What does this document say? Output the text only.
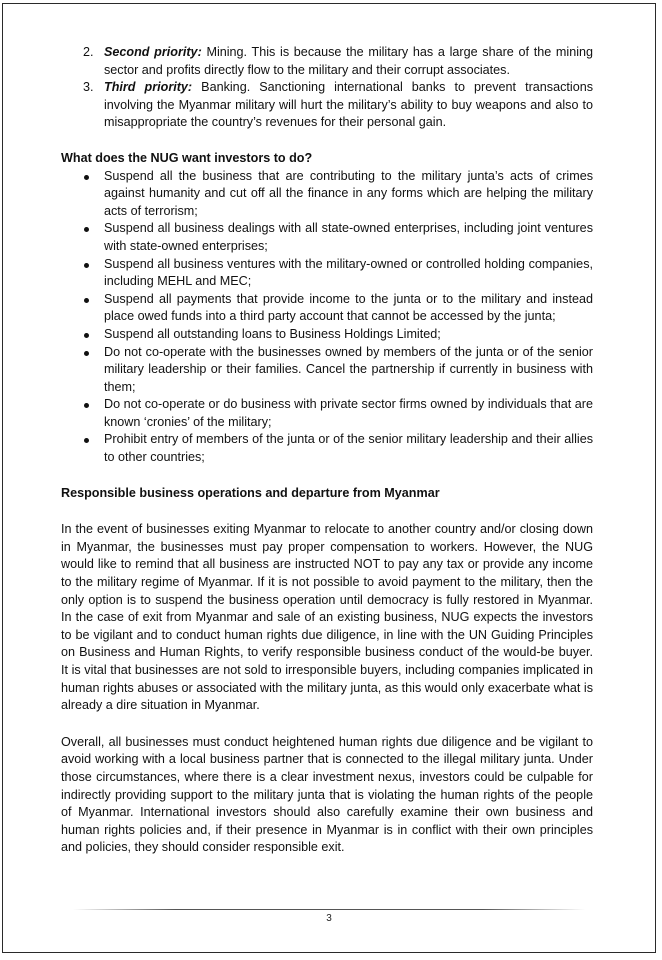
2. Second priority: Mining. This is because the military has a large share of the mining sector and profits directly flow to the military and their corrupt associates.
3. Third priority: Banking. Sanctioning international banks to prevent transactions involving the Myanmar military will hurt the military’s ability to buy weapons and also to misappropriate the country’s revenues for their personal gain.
What does the NUG want investors to do?
Suspend all the business that are contributing to the military junta’s acts of crimes against humanity and cut off all the finance in any forms which are helping the military acts of terrorism;
Suspend all business dealings with all state-owned enterprises, including joint ventures with state-owned enterprises;
Suspend all business ventures with the military-owned or controlled holding companies, including MEHL and MEC;
Suspend all payments that provide income to the junta or to the military and instead place owed funds into a third party account that cannot be accessed by the junta;
Suspend all outstanding loans to Business Holdings Limited;
Do not co-operate with the businesses owned by members of the junta or of the senior military leadership or their families. Cancel the partnership if currently in business with them;
Do not co-operate or do business with private sector firms owned by individuals that are known ‘cronies’ of the military;
Prohibit entry of members of the junta or of the senior military leadership and their allies to other countries;
Responsible business operations and departure from Myanmar

In the event of businesses exiting Myanmar to relocate to another country and/or closing down in Myanmar, the businesses must pay proper compensation to workers. However, the NUG would like to remind that all business are instructed NOT to pay any tax or provide any income to the military regime of Myanmar. If it is not possible to avoid payment to the military, then the only option is to suspend the business operation until democracy is fully restored in Myanmar. In the case of exit from Myanmar and sale of an existing business, NUG expects the investors to be vigilant and to conduct human rights due diligence, in line with the UN Guiding Principles on Business and Human Rights, to verify responsible business conduct of the would-be buyer. It is vital that businesses are not sold to irresponsible buyers, including companies implicated in human rights abuses or associated with the military junta, as this would only exacerbate what is already a dire situation in Myanmar.

Overall, all businesses must conduct heightened human rights due diligence and be vigilant to avoid working with a local business partner that is connected to the illegal military junta. Under those circumstances, where there is a clear investment nexus, investors could be culpable for indirectly providing support to the military junta that is violating the human rights of the people of Myanmar. International investors should also carefully examine their own business and human rights policies and, if their presence in Myanmar is in conflict with their own principles and policies, they should consider responsible exit.

3
